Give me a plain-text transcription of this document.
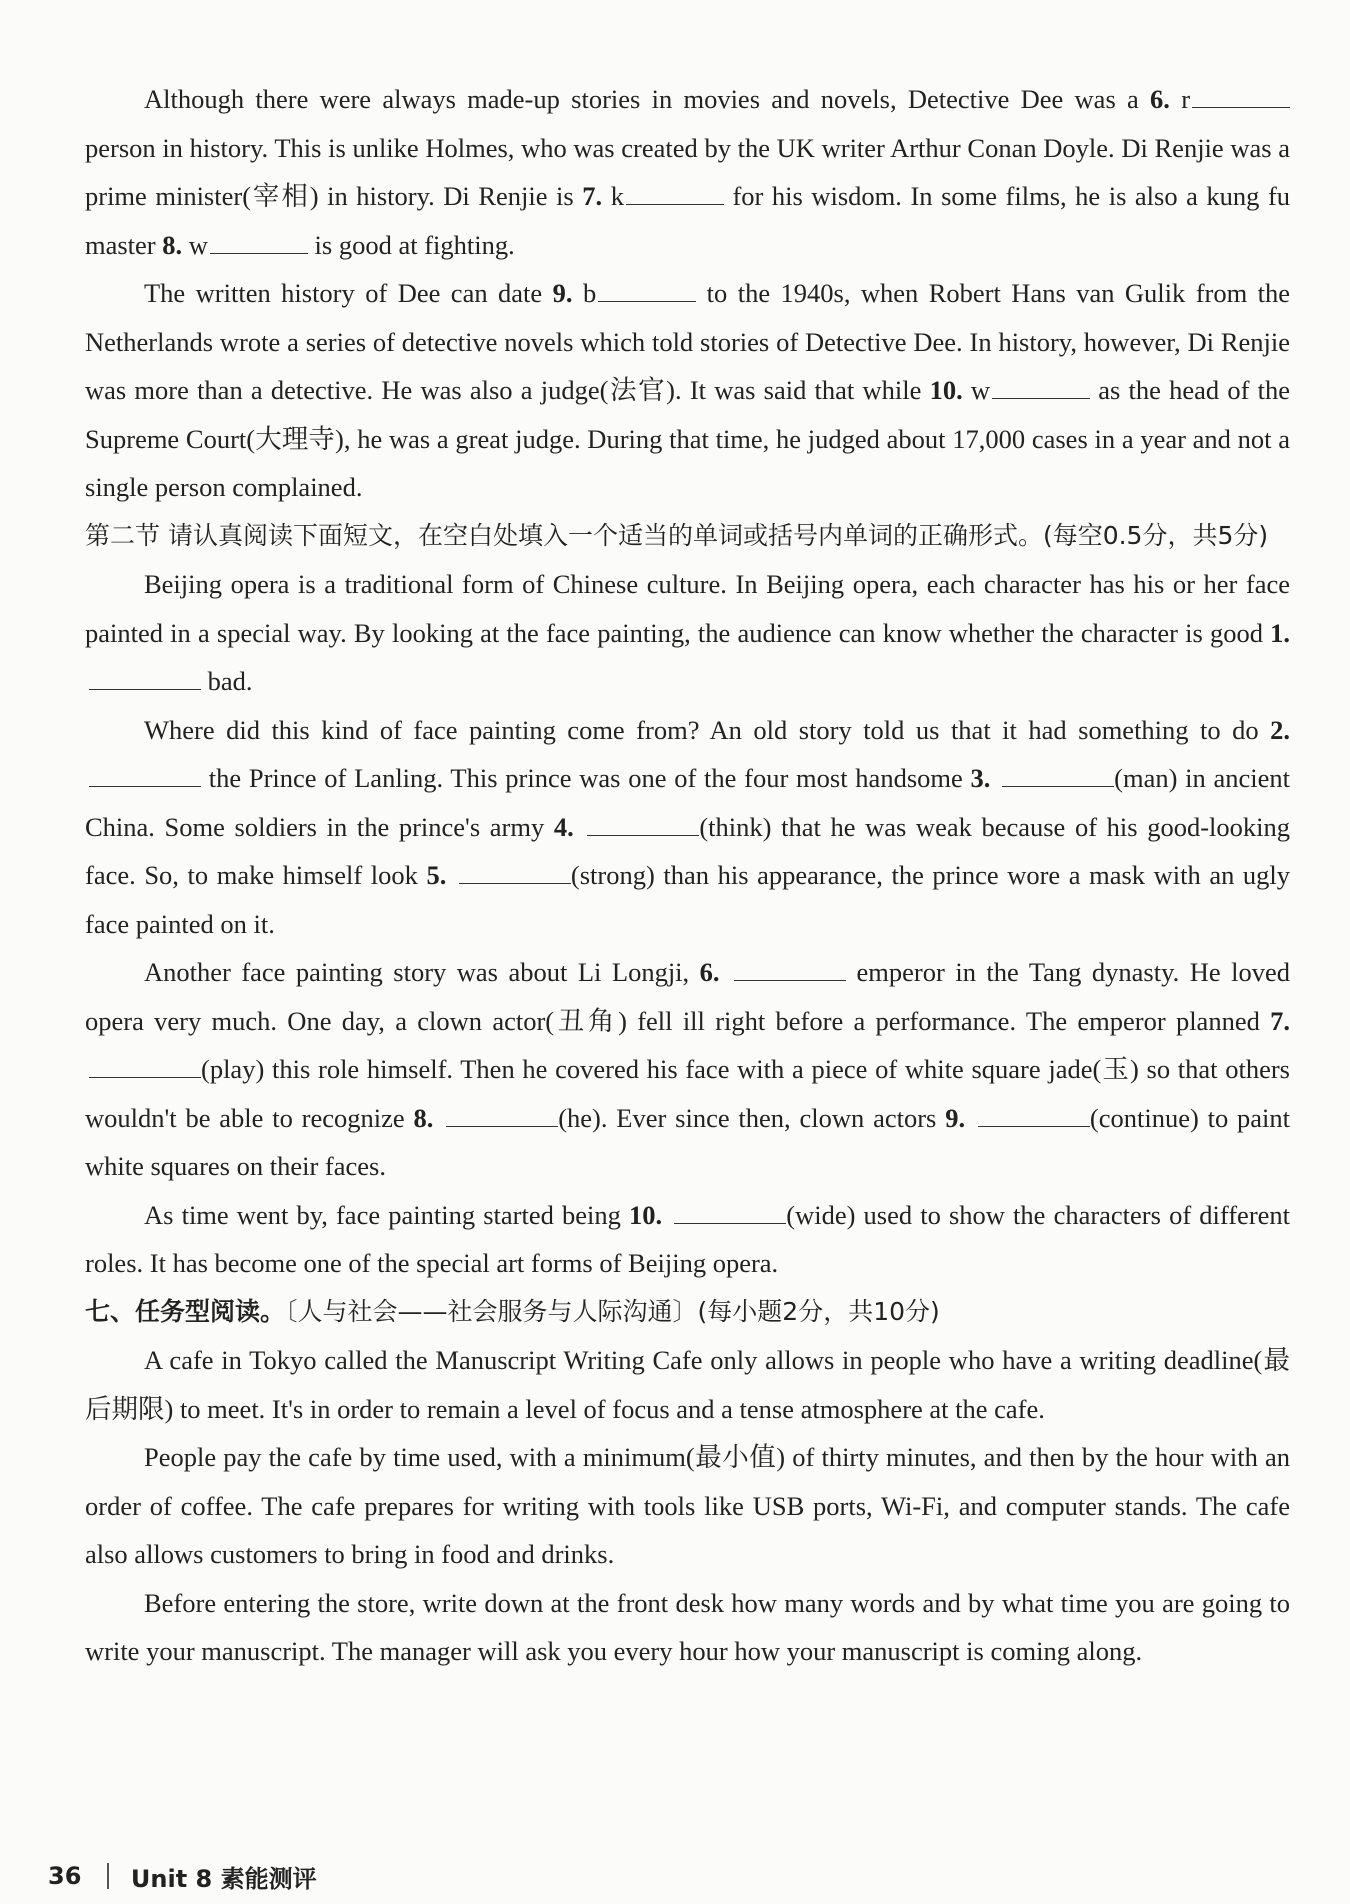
Although there were always made-up stories in movies and novels, Detective Dee was a 6. r person in history. This is unlike Holmes, who was created by the UK writer Arthur Conan Doyle. Di Renjie was a prime minister(宰相) in history. Di Renjie is 7. k	for his wisdom. In some films, he is also a kung fu master 8. w	is good at fighting.

The written history of Dee can date 9. b	to the 1940s, when Robert Hans van Gulik from the Netherlands wrote a series of detective novels which told stories of Detective Dee. In history, however, Di Renjie was more than a detective. He was also a judge(法官). It was said that while 10. w	as the head of the Supreme Court(大理寺), he was a great judge. During that time, he judged about 17,000 cases in a year and not a single person complained.

第二节 请认真阅读下面短文，在空白处填入一个适当的单词或括号内单词的正确形式。(每空0.5分，共5分)

Beijing opera is a traditional form of Chinese culture. In Beijing opera, each character has his or her face painted in a special way. By looking at the face painting, the audience can know whether the character is good 1.  bad.

Where did this kind of face painting come from? An old story told us that it had something to do 2.  the Prince of Lanling. This prince was one of the four most handsome 3.	(man) in ancient China. Some soldiers in the prince's army 4.	(think) that he was weak because of his good-looking face. So, to make himself look 5.	(strong) than his appearance, the prince wore a mask with an ugly face painted on it.

Another face painting story was about Li Longji, 6.	emperor in the Tang dynasty. He loved opera very much. One day, a clown actor(丑角) fell ill right before a performance. The emperor planned 7. (play) this role himself. Then he covered his face with a piece of white square jade(玉) so that others wouldn't be able to recognize 8.	(he). Ever since then, clown actors 9.	(continue) to paint white squares on their faces.

As time went by, face painting started being 10.	(wide) used to show the characters of different roles. It has become one of the special art forms of Beijing opera.

七、任务型阅读。〔人与社会——社会服务与人际沟通〕(每小题2分，共10分)

A cafe in Tokyo called the Manuscript Writing Cafe only allows in people who have a writing deadline(最后期限) to meet. It's in order to remain a level of focus and a tense atmosphere at the cafe.

People pay the cafe by time used, with a minimum(最小值) of thirty minutes, and then by the hour with an order of coffee. The cafe prepares for writing with tools like USB ports, Wi-Fi, and computer stands. The cafe also allows customers to bring in food and drinks.

Before entering the store, write down at the front desk how many words and by what time you are going to write your manuscript. The manager will ask you every hour how your manuscript is coming along.

36 Unit 8 素能测评
